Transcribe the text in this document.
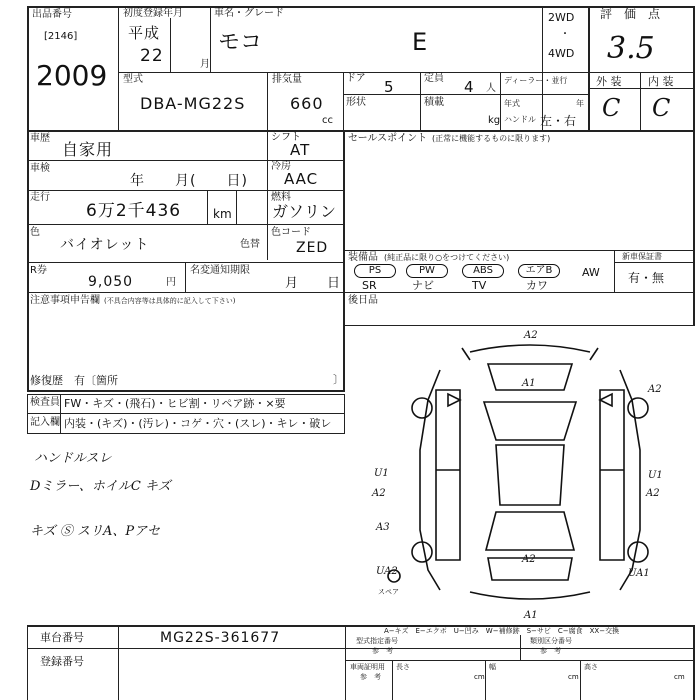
出品番号
[2146]
2009
初度登録年月
平成
22	月
車名・グレード
モコ	E
2WD
・
4WD
評　価　点
3.5
型式
DBA-MG22S
排気量
660
cc
ドア 5	定員 4 人
形状	積載
kg
ディーラー・並行
年式	年
ハンドル 左・右
外 装 内 装
C C
車歴
自家用
車検
年　　月(　　日)
走行
6万2千436	km
色
バイオレット	色替
シフト
AT
冷房
AAC
燃料
ガソリン
色コード
ZED
R券
9,050	円
名変通知期限
月　　日
注意事項申告欄 (不具合内容等は具体的に記入して下さい)
修復歴 有〔箇所	〕
セールスポイント (正常に機能するものに限ります)
装備品 (純正品に限り○をつけてください)
PS	PW	ABS	エアB	AW
SR	ナビ	TV	カワ
新車保証書
有・無
後日品
検査員
記入欄
FW・キズ・(飛石)・ヒビ割・リペア跡・×要
内装・(キズ)・(汚レ)・コゲ・穴・(スレ)・キレ・破レ
ハンドルスレ
Dミラー、ホイルC キズ
キズ Ⓢ スリA、Pアセ
A2
A1
A2
U1
A2
A3
U1
A2
A2
UA2	UA1
A1
スペア
A−キズ　E−エクボ　U−凹み　W−補修跡　S−サビ　C−腐食　XX−交換
車台番号	MG22S-361677
登録番号
型式指定番号
参　考
類別区分番号
参　考
車両証明用
参　考
長さ
cm
幅
cm
高さ
cm
